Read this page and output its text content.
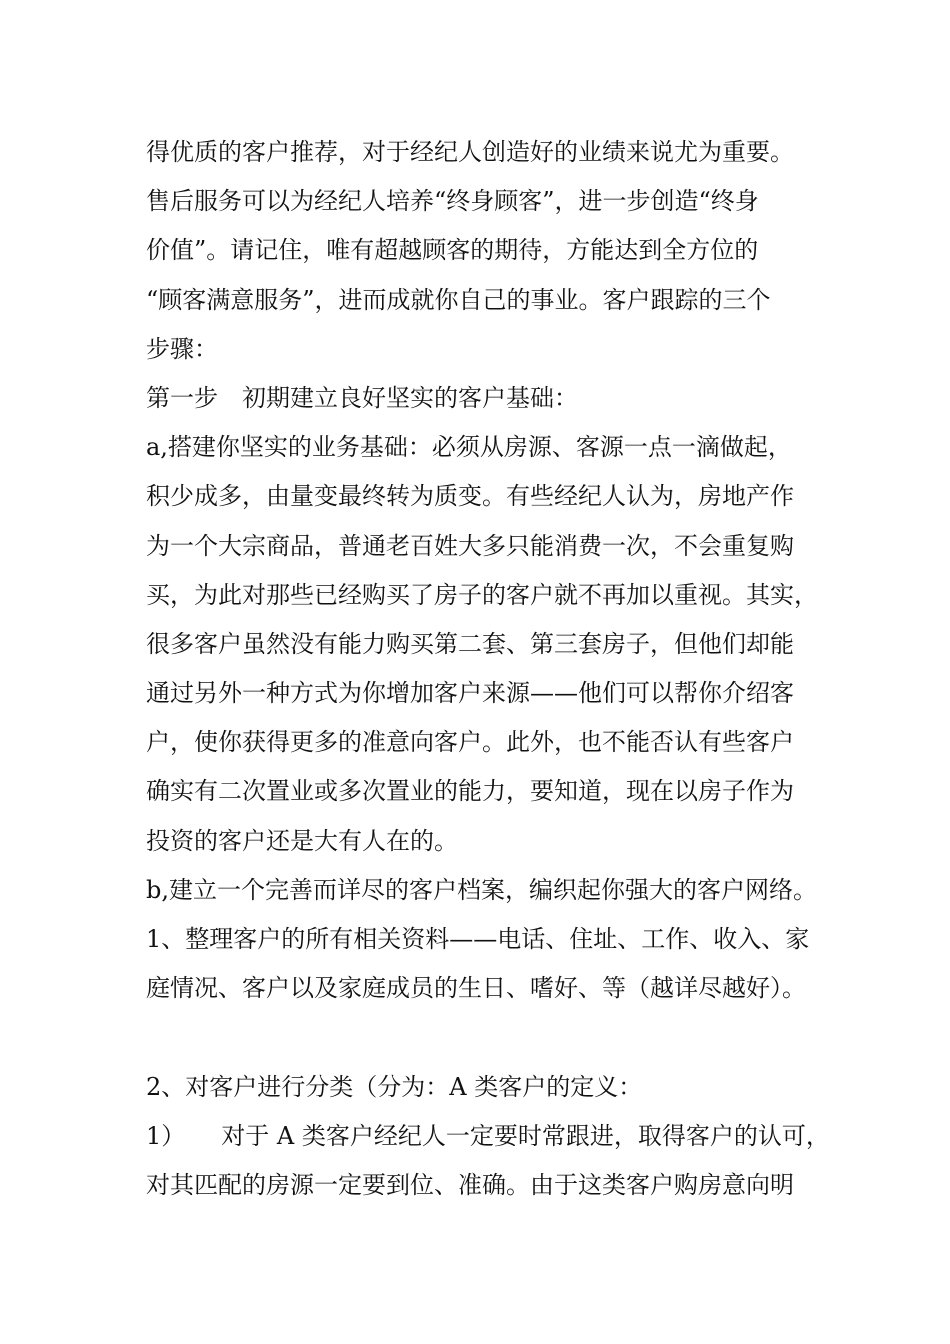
得优质的客户推荐，对于经纪人创造好的业绩来说尤为重要。
售后服务可以为经纪人培养“终身顾客”，进一步创造“终身
价值”。请记住，唯有超越顾客的期待，方能达到全方位的
“顾客满意服务”，进而成就你自己的事业。客户跟踪的三个
步骤：
第一步　初期建立良好坚实的客户基础：
a,搭建你坚实的业务基础：必须从房源、客源一点一滴做起，
积少成多，由量变最终转为质变。有些经纪人认为，房地产作
为一个大宗商品，普通老百姓大多只能消费一次，不会重复购
买，为此对那些已经购买了房子的客户就不再加以重视。其实，
很多客户虽然没有能力购买第二套、第三套房子，但他们却能
通过另外一种方式为你增加客户来源——他们可以帮你介绍客
户，使你获得更多的准意向客户。此外，也不能否认有些客户
确实有二次置业或多次置业的能力，要知道，现在以房子作为
投资的客户还是大有人在的。
b,建立一个完善而详尽的客户档案，编织起你强大的客户网络。
1、整理客户的所有相关资料——电话、住址、工作、收入、家
庭情况、客户以及家庭成员的生日、嗜好、等（越详尽越好）。
2、对客户进行分类（分为：A 类客户的定义：
1）　　对于 A 类客户经纪人一定要时常跟进，取得客户的认可，
对其匹配的房源一定要到位、准确。由于这类客户购房意向明
